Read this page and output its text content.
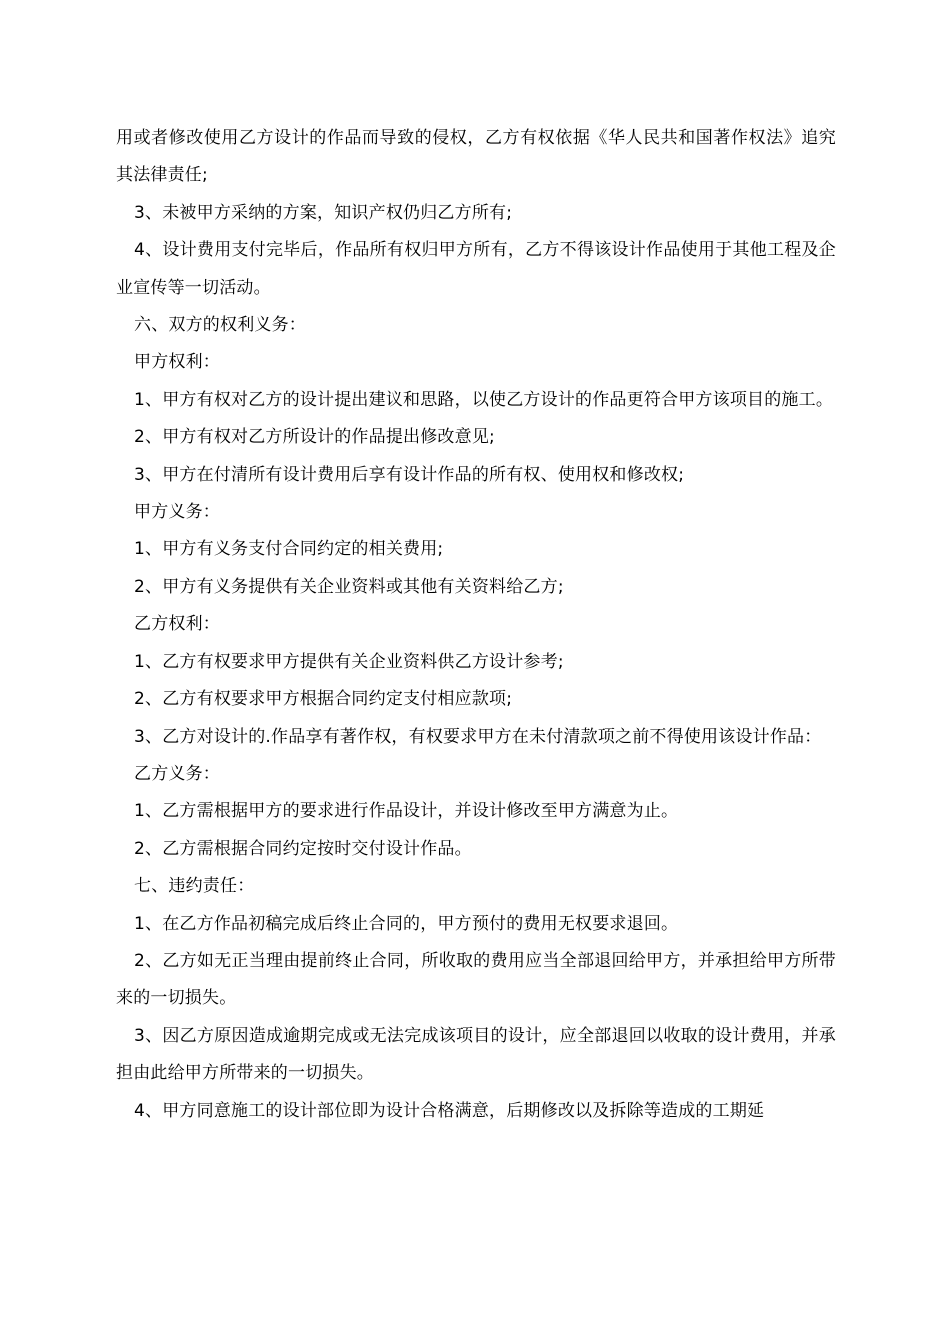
用或者修改使用乙方设计的作品而导致的侵权，乙方有权依据《华人民共和国著作权法》追究其法律责任;

3、未被甲方采纳的方案，知识产权仍归乙方所有;

4、设计费用支付完毕后，作品所有权归甲方所有，乙方不得该设计作品使用于其他工程及企业宣传等一切活动。

六、双方的权利义务：

甲方权利：

1、甲方有权对乙方的设计提出建议和思路，以使乙方设计的作品更符合甲方该项目的施工。

2、甲方有权对乙方所设计的作品提出修改意见;

3、甲方在付清所有设计费用后享有设计作品的所有权、使用权和修改权;

甲方义务：

1、甲方有义务支付合同约定的相关费用;

2、甲方有义务提供有关企业资料或其他有关资料给乙方;

乙方权利：

1、乙方有权要求甲方提供有关企业资料供乙方设计参考;

2、乙方有权要求甲方根据合同约定支付相应款项;

3、乙方对设计的.作品享有著作权，有权要求甲方在未付清款项之前不得使用该设计作品：

乙方义务：

1、乙方需根据甲方的要求进行作品设计，并设计修改至甲方满意为止。

2、乙方需根据合同约定按时交付设计作品。

七、违约责任：

1、在乙方作品初稿完成后终止合同的，甲方预付的费用无权要求退回。

2、乙方如无正当理由提前终止合同，所收取的费用应当全部退回给甲方，并承担给甲方所带来的一切损失。

3、因乙方原因造成逾期完成或无法完成该项目的设计，应全部退回以收取的设计费用，并承担由此给甲方所带来的一切损失。

4、甲方同意施工的设计部位即为设计合格满意，后期修改以及拆除等造成的工期延
